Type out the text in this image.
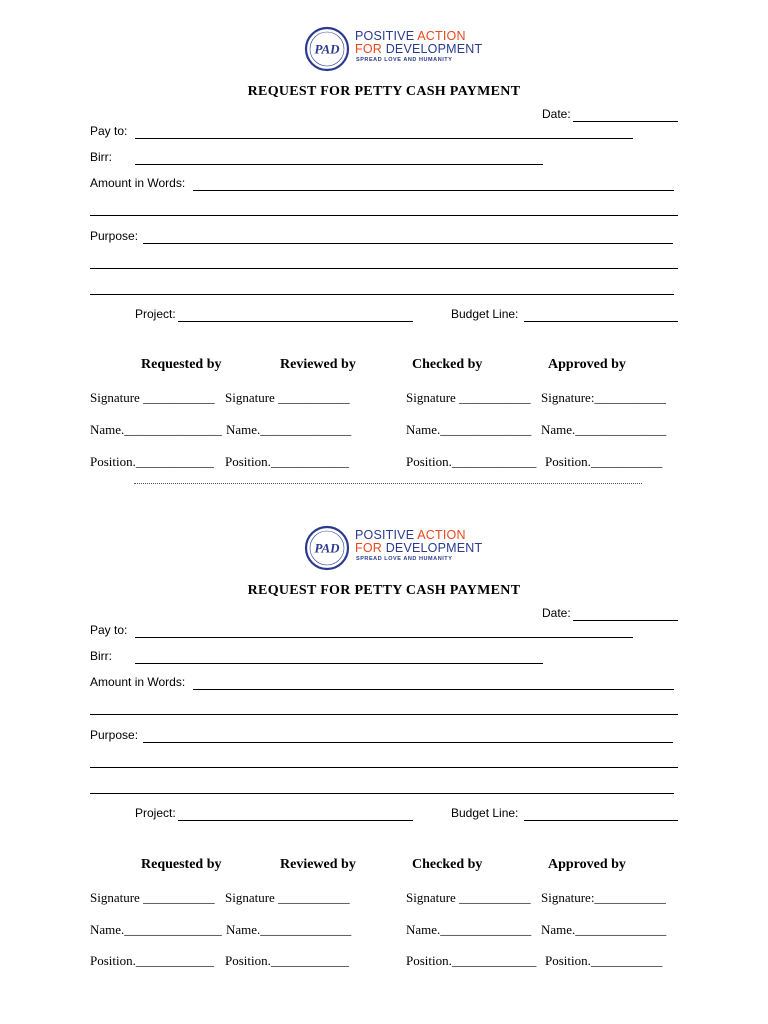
PAD
POSITIVE ACTION
FOR DEVELOPMENT
SPREAD LOVE AND HUMANITY
REQUEST FOR PETTY CASH PAYMENT
Date:
Pay to:
Birr:
Amount in Words:
Purpose:
Project:	Budget Line:
Requested by	Reviewed by	Checked by	Approved by
Signature ___________ Signature ___________	Signature ___________ Signature:___________
Name._______________ Name.______________	Name.______________ Name.______________
Position.____________ Position.____________	Position._____________ Position.___________
PAD
POSITIVE ACTION
FOR DEVELOPMENT
SPREAD LOVE AND HUMANITY
REQUEST FOR PETTY CASH PAYMENT
Date:
Pay to:
Birr:
Amount in Words:
Purpose:
Project:	Budget Line:
Requested by	Reviewed by	Checked by	Approved by
Signature ___________ Signature ___________	Signature ___________ Signature:___________
Name._______________ Name.______________	Name.______________ Name.______________
Position.____________ Position.____________	Position._____________ Position.___________
